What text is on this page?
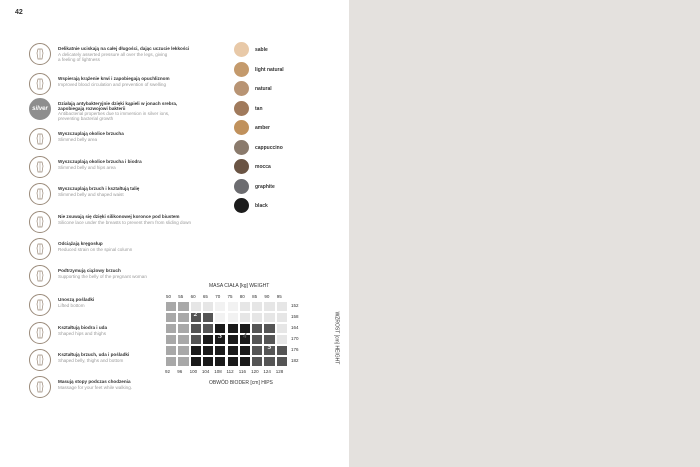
42
Delikatnie uciskają na całej długości, dając uczucie lekkości
A delicately asserted pressure all over the legs, giving
a feeling of lightness
Wspierają krążenie krwi i zapobiegają opuchliznom
Improved blood circulation and prevention of swelling
silver
Działają antybakteryjnie dzięki kąpieli w jonach srebra,
zapobiegają rozwojowi bakterii
Antibacterial properties due to immersion in silver ions,
preventing bacterial growth
Wyszczuplają okolice brzucha
Slimmed belly area
Wyszczuplają okolice brzucha i biodra
Slimmed belly and hips area
Wyszczuplają brzuch i kształtują talię
Slimmed belly and shaped waist
Nie zsuwają się dzięki silikonowej koronce pod biustem
Silicone lace under the breasts to prevent them from sliding down
Odciążają kręgosłup
Reduced strain on the spinal column
Podtrzymują ciążowy brzuch
Supporting the belly of the pregnant woman
Unoszą pośladki
Lifted bottom
Kształtują biodra i uda
Shaped hips and thighs
Kształtują brzuch, uda i pośladki
Shaped belly, thighs and bottom
Masują stopy podczas chodzenia
Massage for your feet while walking.
sable
light natural
natural
tan
amber
cappuccino
mocca
graphite
black
MASA CIAŁA [kg] WEIGHT
2
3	4
5
OBWÓD BIODER [cm] HIPS
WZROST [cm] HEIGHT
50 55 60 65 70 75 80 85 90 95
92 96 100 104 108 112 116 120 124 128
152
158
164
170
176
182
